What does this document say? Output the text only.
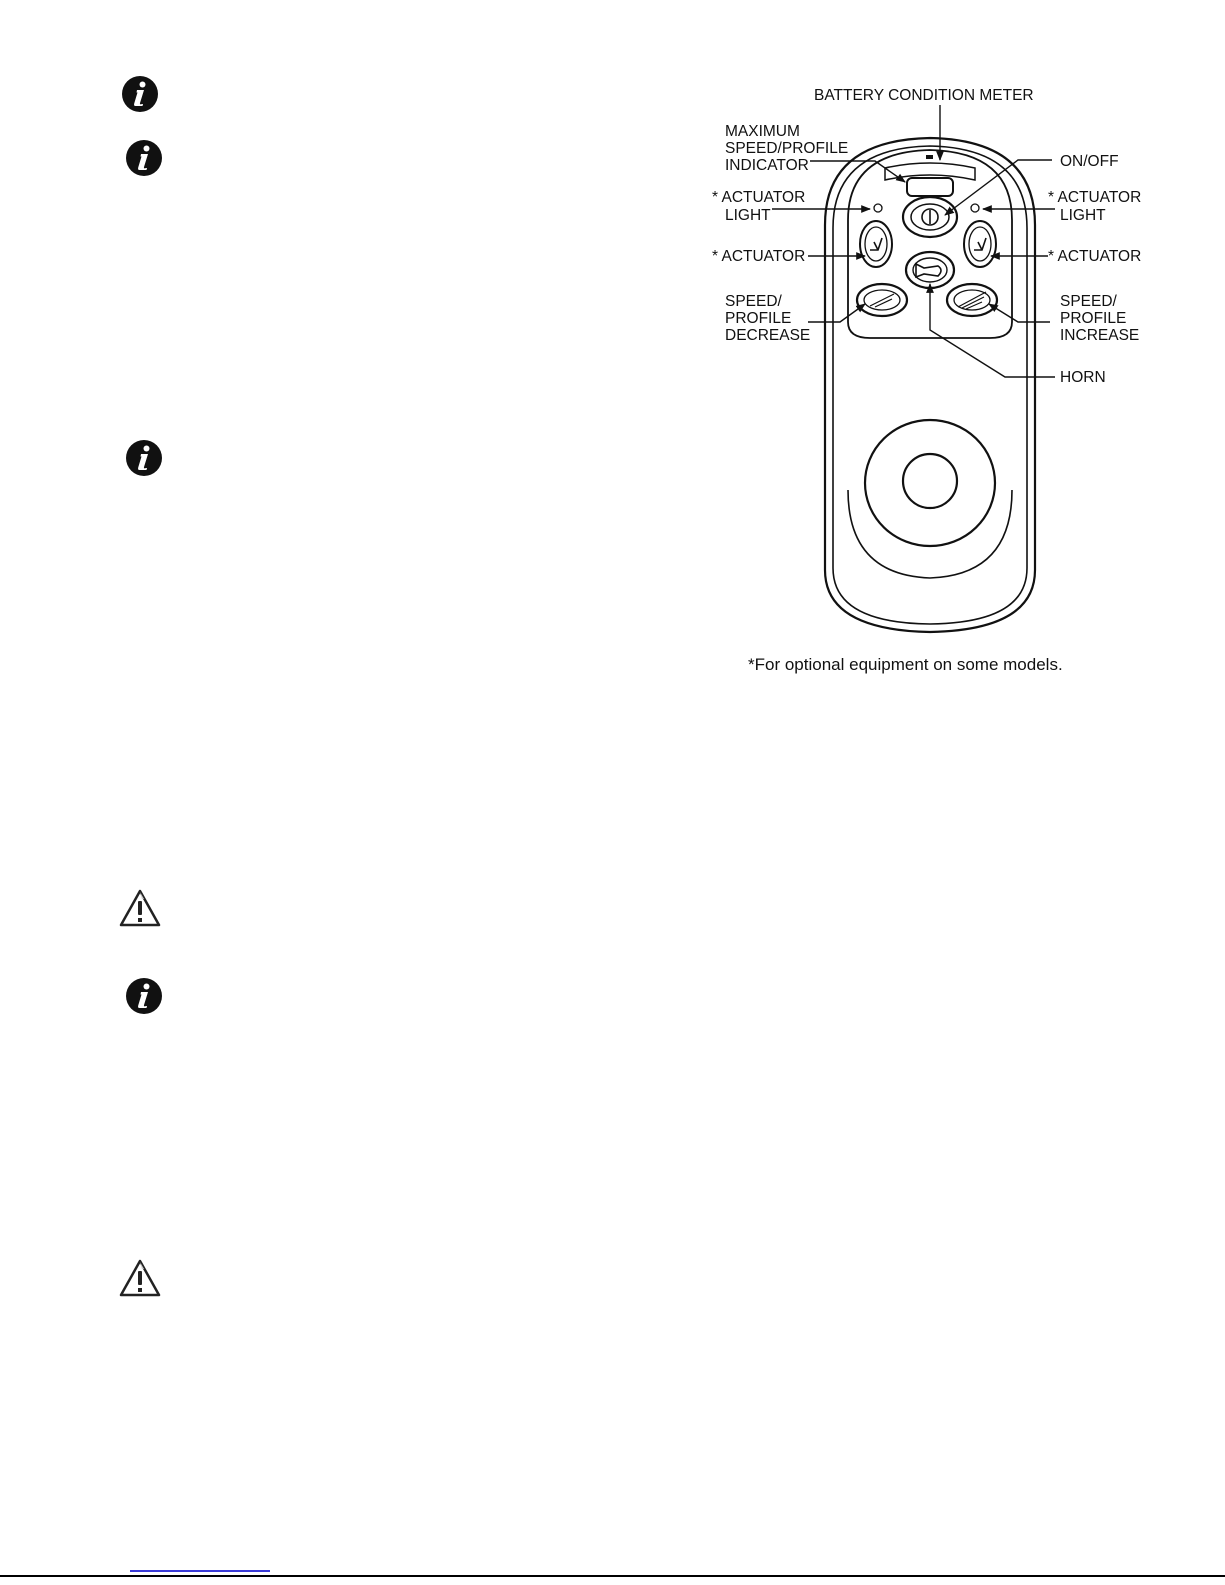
BATTERY CONDITION METER
MAXIMUM
SPEED/PROFILE
INDICATOR	ON/OFF
* ACTUATOR
LIGHT
* ACTUATOR
LIGHT
* ACTUATOR	* ACTUATOR
SPEED/
PROFILE
DECREASE
SPEED/
PROFILE
INCREASE
HORN
*For optional equipment on some models.
